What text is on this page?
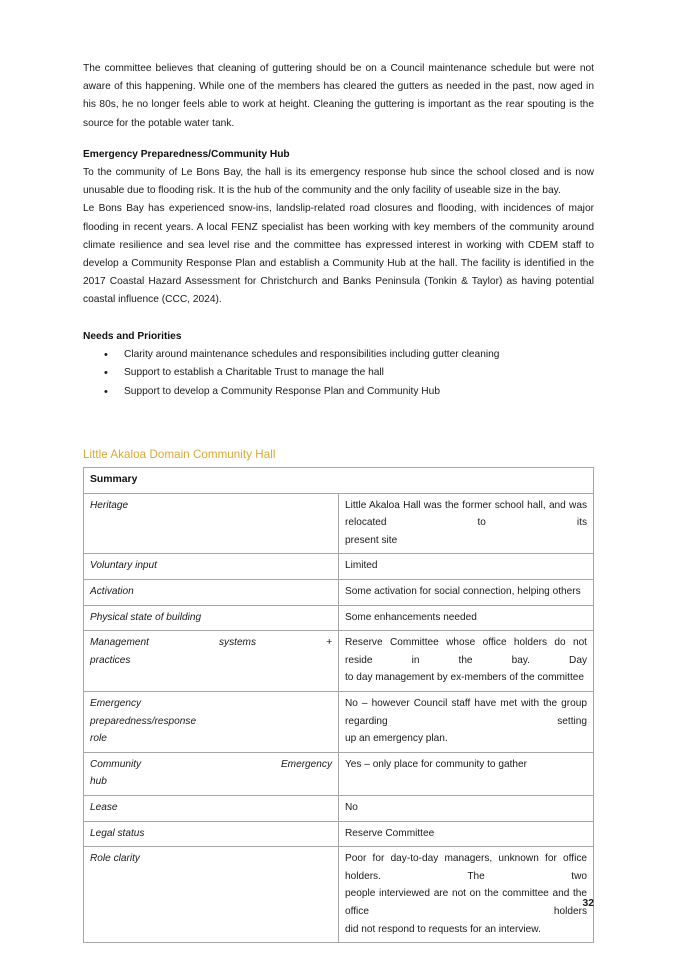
The committee believes that cleaning of guttering should be on a Council maintenance schedule but were not aware of this happening. While one of the members has cleared the gutters as needed in the past, now aged in his 80s, he no longer feels able to work at height. Cleaning the guttering is important as the rear spouting is the source for the potable water tank.

Emergency Preparedness/Community Hub

To the community of Le Bons Bay, the hall is its emergency response hub since the school closed and is now unusable due to flooding risk. It is the hub of the community and the only facility of useable size in the bay.

Le Bons Bay has experienced snow-ins, landslip-related road closures and flooding, with incidences of major flooding in recent years. A local FENZ specialist has been working with key members of the community around climate resilience and sea level rise and the committee has expressed interest in working with CDEM staff to develop a Community Response Plan and establish a Community Hub at the hall. The facility is identified in the 2017 Coastal Hazard Assessment for Christchurch and Banks Peninsula (Tonkin & Taylor) as having potential coastal influence (CCC, 2024).

Needs and Priorities
• Clarity around maintenance schedules and responsibilities including gutter cleaning
• Support to establish a Charitable Trust to manage the hall
• Support to develop a Community Response Plan and Community Hub
Little Akaloa Domain Community Hall
Summary	
Heritage	Little Akaloa Hall was the former school hall, and was relocated to its
present site

Voluntary input	Limited
Activation	Some activation for social connection, helping others
Physical state of building	Some enhancements needed

Management systems +
practices	Reserve Committee whose office holders do not reside in the bay. Day
to day management by ex-members of the committee

Emergency
preparedness/response
role	No – however Council staff have met with the group regarding setting
up an emergency plan.

Community Emergency
hub	Yes – only place for community to gather
Lease	No
Legal status	Reserve Committee
Role clarity	Poor for day-to-day managers, unknown for office holders. The two
people interviewed are not on the committee and the office holders
did not respond to requests for an interview.
32
